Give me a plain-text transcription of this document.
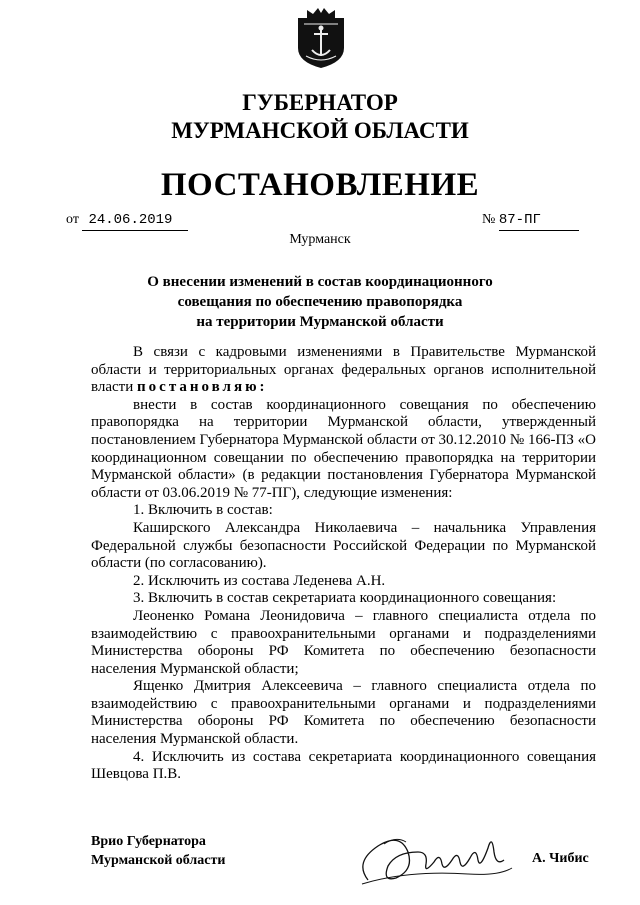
ГУБЕРНАТОР
МУРМАНСКОЙ ОБЛАСТИ
ПОСТАНОВЛЕНИЕ
от 24.06.2019	№ 87-ПГ
Мурманск
О внесении изменений в состав координационного
совещания по обеспечению правопорядка
на территории Мурманской области

В связи с кадровыми изменениями в Правительстве Мурманской области и территориальных органах федеральных органов исполнительной власти постановляю:

внести в состав координационного совещания по обеспечению правопорядка на территории Мурманской области, утвержденный постановлением Губернатора Мурманской области от 30.12.2010 № 166-ПЗ «О координационном совещании по обеспечению правопорядка на территории Мурманской области» (в редакции постановления Губернатора Мурманской области от 03.06.2019 № 77-ПГ), следующие изменения:

1. Включить в состав:

Каширского Александра Николаевича – начальника Управления Федеральной службы безопасности Российской Федерации по Мурманской области (по согласованию).

2. Исключить из состава Леденева А.Н.

3. Включить в состав секретариата координационного совещания:

Леоненко Романа Леонидовича – главного специалиста отдела по взаимодействию с правоохранительными органами и подразделениями Министерства обороны РФ Комитета по обеспечению безопасности населения Мурманской области;

Ященко Дмитрия Алексеевича – главного специалиста отдела по взаимодействию с правоохранительными органами и подразделениями Министерства обороны РФ Комитета по обеспечению безопасности населения Мурманской области.

4. Исключить из состава секретариата координационного совещания Шевцова П.В.

Врио Губернатора
Мурманской области	А. Чибис
